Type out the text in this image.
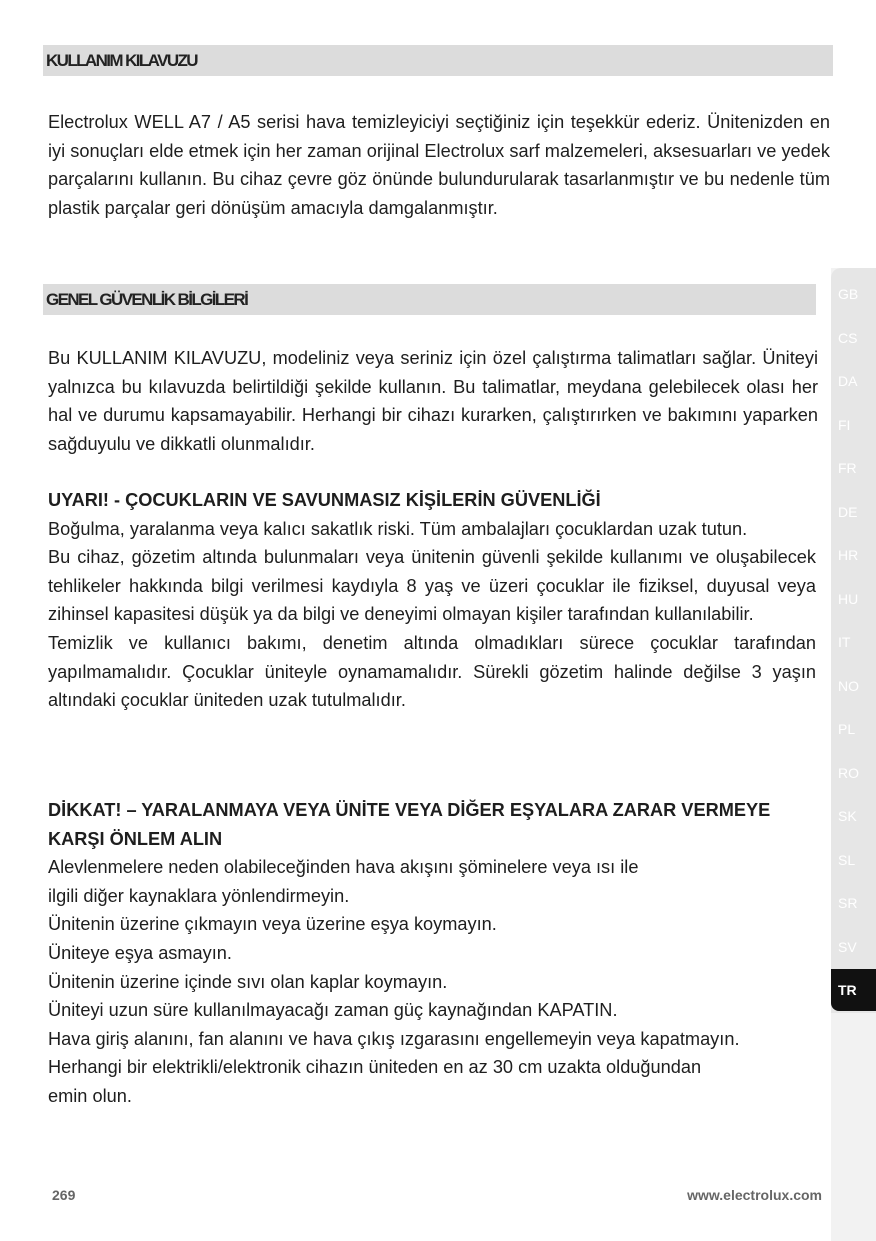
KULLANIM KILAVUZU

Electrolux WELL A7 / A5 serisi hava temizleyiciyi seçtiğiniz için teşekkür ederiz. Ünitenizden en iyi sonuçları elde etmek için her zaman orijinal Electrolux sarf malzemeleri, aksesuarları ve yedek parçalarını kullanın. Bu cihaz çevre göz önünde bulundurularak tasarlanmıştır ve bu nedenle tüm plastik parçalar geri dönüşüm amacıyla damgalanmıştır.

GENEL GÜVENLİK BİLGİLERİ

Bu KULLANIM KILAVUZU, modeliniz veya seriniz için özel çalıştırma talimatları sağlar. Üniteyi yalnızca bu kılavuzda belirtildiği şekilde kullanın. Bu talimatlar, meydana gelebilecek olası her hal ve durumu kapsamayabilir. Herhangi bir cihazı kurarken, çalıştırırken ve bakımını yaparken sağduyulu ve dikkatli olunmalıdır.

UYARI! - ÇOCUKLARIN VE SAVUNMASIZ KİŞİLERİN GÜVENLİĞİ
Boğulma, yaralanma veya kalıcı sakatlık riski. Tüm ambalajları çocuklardan uzak tutun.
Bu cihaz, gözetim altında bulunmaları veya ünitenin güvenli şekilde kullanımı ve oluşabilecek tehlikeler hakkında bilgi verilmesi kaydıyla 8 yaş ve üzeri çocuklar ile fiziksel, duyusal veya zihinsel kapasitesi düşük ya da bilgi ve deneyimi olmayan kişiler tarafından kullanılabilir.
Temizlik ve kullanıcı bakımı, denetim altında olmadıkları sürece çocuklar tarafından yapılmamalıdır. Çocuklar üniteyle oynamamalıdır. Sürekli gözetim halinde değilse 3 yaşın altındaki çocuklar üniteden uzak tutulmalıdır.
DİKKAT! – YARALANMAYA VEYA ÜNİTE VEYA DİĞER EŞYALARA ZARAR VERMEYE
KARŞI ÖNLEM ALIN
Alevlenmelere neden olabileceğinden hava akışını şöminelere veya ısı ile
ilgili diğer kaynaklara yönlendirmeyin.
Ünitenin üzerine çıkmayın veya üzerine eşya koymayın.
Üniteye eşya asmayın.
Ünitenin üzerine içinde sıvı olan kaplar koymayın.
Üniteyi uzun süre kullanılmayacağı zaman güç kaynağından KAPATIN.
Hava giriş alanını, fan alanını ve hava çıkış ızgarasını engellemeyin veya kapatmayın.
Herhangi bir elektrikli/elektronik cihazın üniteden en az 30 cm uzakta olduğundan
emin olun.
GB
CS
DA
FI
FR
DE
HR
HU
IT
NO
PL
RO
SK
SL
SR
SV
TR
269	www.electrolux.com
